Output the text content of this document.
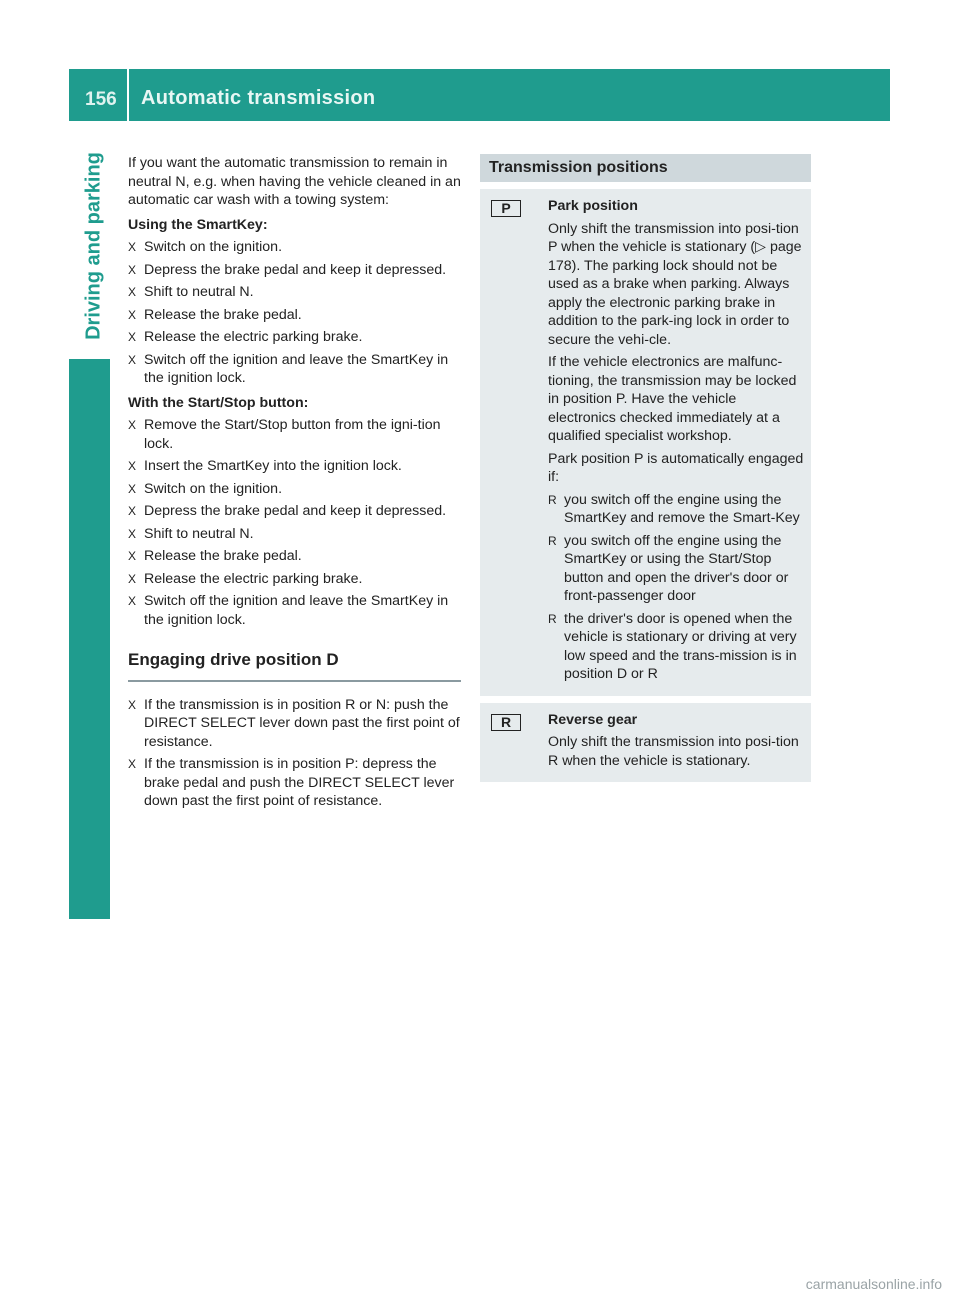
156 Automatic transmission
Driving and parking If you want the automatic transmission to remain in neutral N, e.g. when having the vehicle cleaned in an automatic car wash with a towing system:

Using the SmartKey:
X Switch on the ignition.
X Depress the brake pedal and keep it depressed.
X Shift to neutral N.
X Release the brake pedal.
X Release the electric parking brake.
X Switch off the ignition and leave the SmartKey in the ignition lock.
With the Start/Stop button:
X Remove the Start/Stop button from the igni-tion lock.
X Insert the SmartKey into the ignition lock.
X Switch on the ignition.
X Depress the brake pedal and keep it depressed.
X Shift to neutral N.
X Release the brake pedal.
X Release the electric parking brake.
X Switch off the ignition and leave the SmartKey in the ignition lock.
Engaging drive position D
X If the transmission is in position R or N: push the DIRECT SELECT lever down past the first point of resistance.
X If the transmission is in position P: depress the brake pedal and push the DIRECT SELECT lever down past the first point of resistance.
Transmission positions
P	Park position

Only shift the transmission into posi-tion P when the vehicle is stationary (▷ page 178). The parking lock should not be used as a brake when parking. Always apply the electronic parking brake in addition to the park-ing lock in order to secure the vehi-cle.

If the vehicle electronics are malfunc-tioning, the transmission may be locked in position P. Have the vehicle electronics checked immediately at a qualified specialist workshop.

Park position P is automatically engaged if:

R you switch off the engine using the SmartKey and remove the Smart-Key
R you switch off the engine using the SmartKey or using the Start/Stop button and open the driver's door or front-passenger door
R the driver's door is opened when the vehicle is stationary or driving at very low speed and the trans-mission is in position D or R
R	Reverse gear

Only shift the transmission into posi-tion R when the vehicle is stationary.

carmanualsonline.info
